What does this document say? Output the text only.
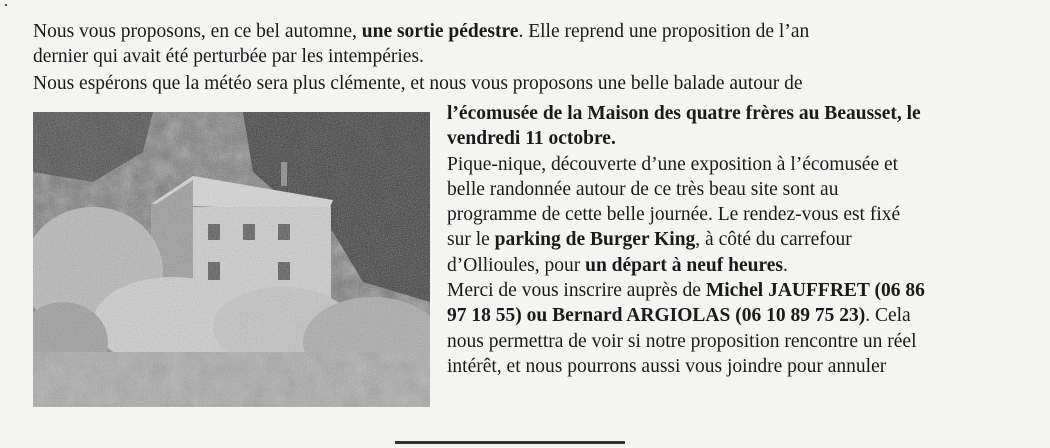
Nous vous proposons, en ce bel automne, une sortie pédestre. Elle reprend une proposition de l’an
dernier qui avait été perturbée par les intempéries.
Nous espérons que la météo sera plus clémente, et nous vous proposons une belle balade autour de

l’écomusée de la Maison des quatre frères au Beausset, le

vendredi 11 octobre.

Pique-nique, découverte d’une exposition à l’écomusée et

belle randonnée autour de ce très beau site sont au

programme de cette belle journée. Le rendez-vous est fixé

sur le parking de Burger King, à côté du carrefour

d’Ollioules, pour un départ à neuf heures.

Merci de vous inscrire auprès de Michel JAUFFRET (06 86

97 18 55) ou Bernard ARGIOLAS (06 10 89 75 23). Cela

nous permettra de voir si notre proposition rencontre un réel

intérêt, et nous pourrons aussi vous joindre pour annuler
